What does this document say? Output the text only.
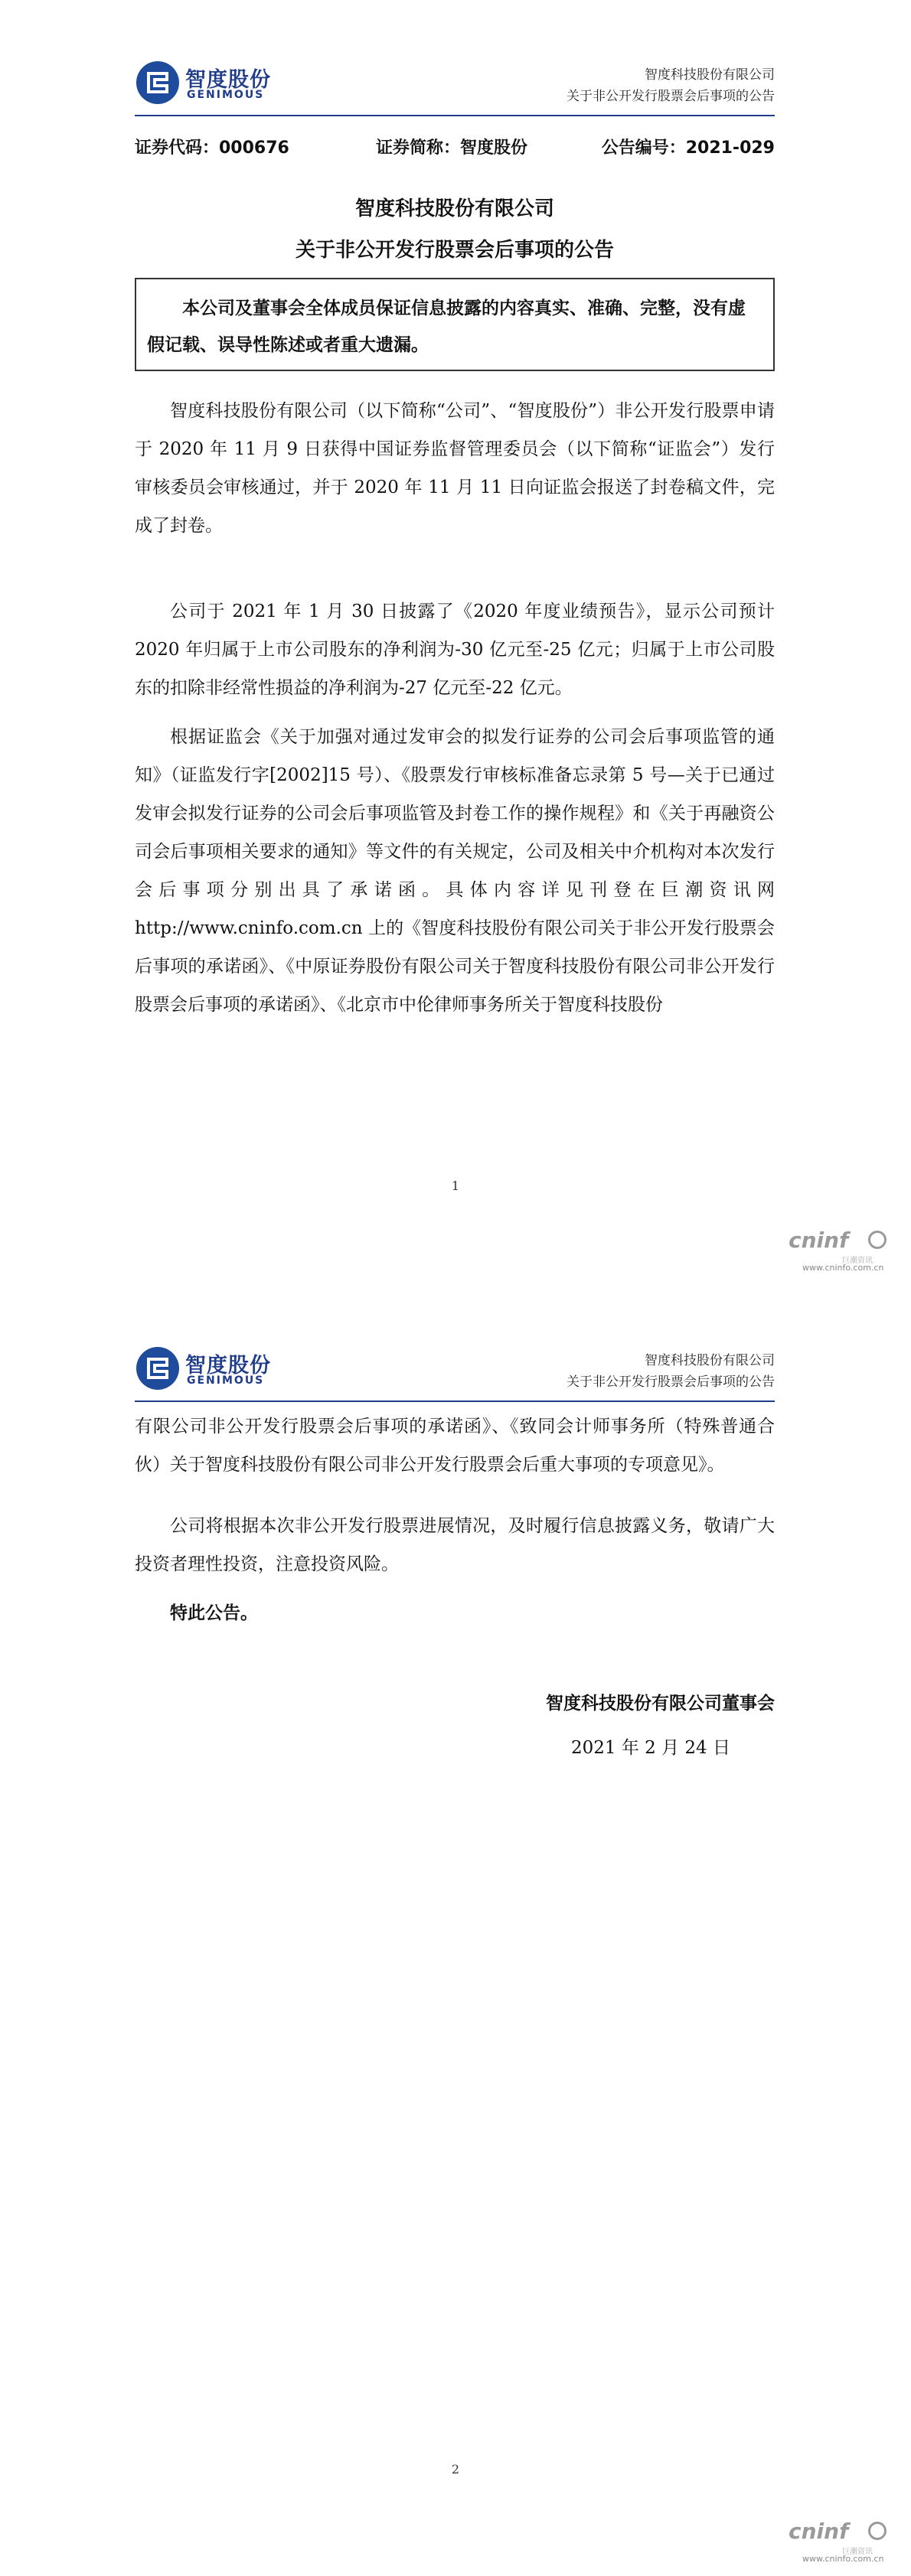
智度股份
GENIMOUS
智度科技股份有限公司
关于非公开发行股票会后事项的公告
证券代码：000676	证券简称：智度股份	公告编号：2021-029
智度科技股份有限公司
关于非公开发行股票会后事项的公告

本公司及董事会全体成员保证信息披露的内容真实、准确、完整，没有虚假记载、误导性陈述或者重大遗漏。

智度科技股份有限公司（以下简称“公司”、“智度股份”）非公开发行股票申请于 2020 年 11 月 9 日获得中国证券监督管理委员会（以下简称“证监会”）发行审核委员会审核通过，并于 2020 年 11 月 11 日向证监会报送了封卷稿文件，完成了封卷。

公司于 2021 年 1 月 30 日披露了《2020 年度业绩预告》，显示公司预计 2020 年归属于上市公司股东的净利润为-30 亿元至-25 亿元；归属于上市公司股东的扣除非经常性损益的净利润为-27 亿元至-22 亿元。

根据证监会《关于加强对通过发审会的拟发行证券的公司会后事项监管的通知》（证监发行字[2002]15 号）、《股票发行审核标准备忘录第 5 号—关于已通过发审会拟发行证券的公司会后事项监管及封卷工作的操作规程》和《关于再融资公司会后事项相关要求的通知》等文件的有关规定，公司及相关中介机构对本次发行会后事项分别出具了承诺函。具体内容详见刊登在巨潮资讯网 http://www.cninfo.com.cn 上的《智度科技股份有限公司关于非公开发行股票会后事项的承诺函》、《中原证券股份有限公司关于智度科技股份有限公司非公开发行股票会后事项的承诺函》、《北京市中伦律师事务所关于智度科技股份

1
cninf
巨潮资讯
www.cninfo.com.cn
智度股份
GENIMOUS
智度科技股份有限公司
关于非公开发行股票会后事项的公告

有限公司非公开发行股票会后事项的承诺函》、《致同会计师事务所（特殊普通合伙）关于智度科技股份有限公司非公开发行股票会后重大事项的专项意见》。

公司将根据本次非公开发行股票进展情况，及时履行信息披露义务，敬请广大投资者理性投资，注意投资风险。

特此公告。

智度科技股份有限公司董事会
2021 年 2 月 24 日
2
cninf
巨潮资讯
www.cninfo.com.cn
